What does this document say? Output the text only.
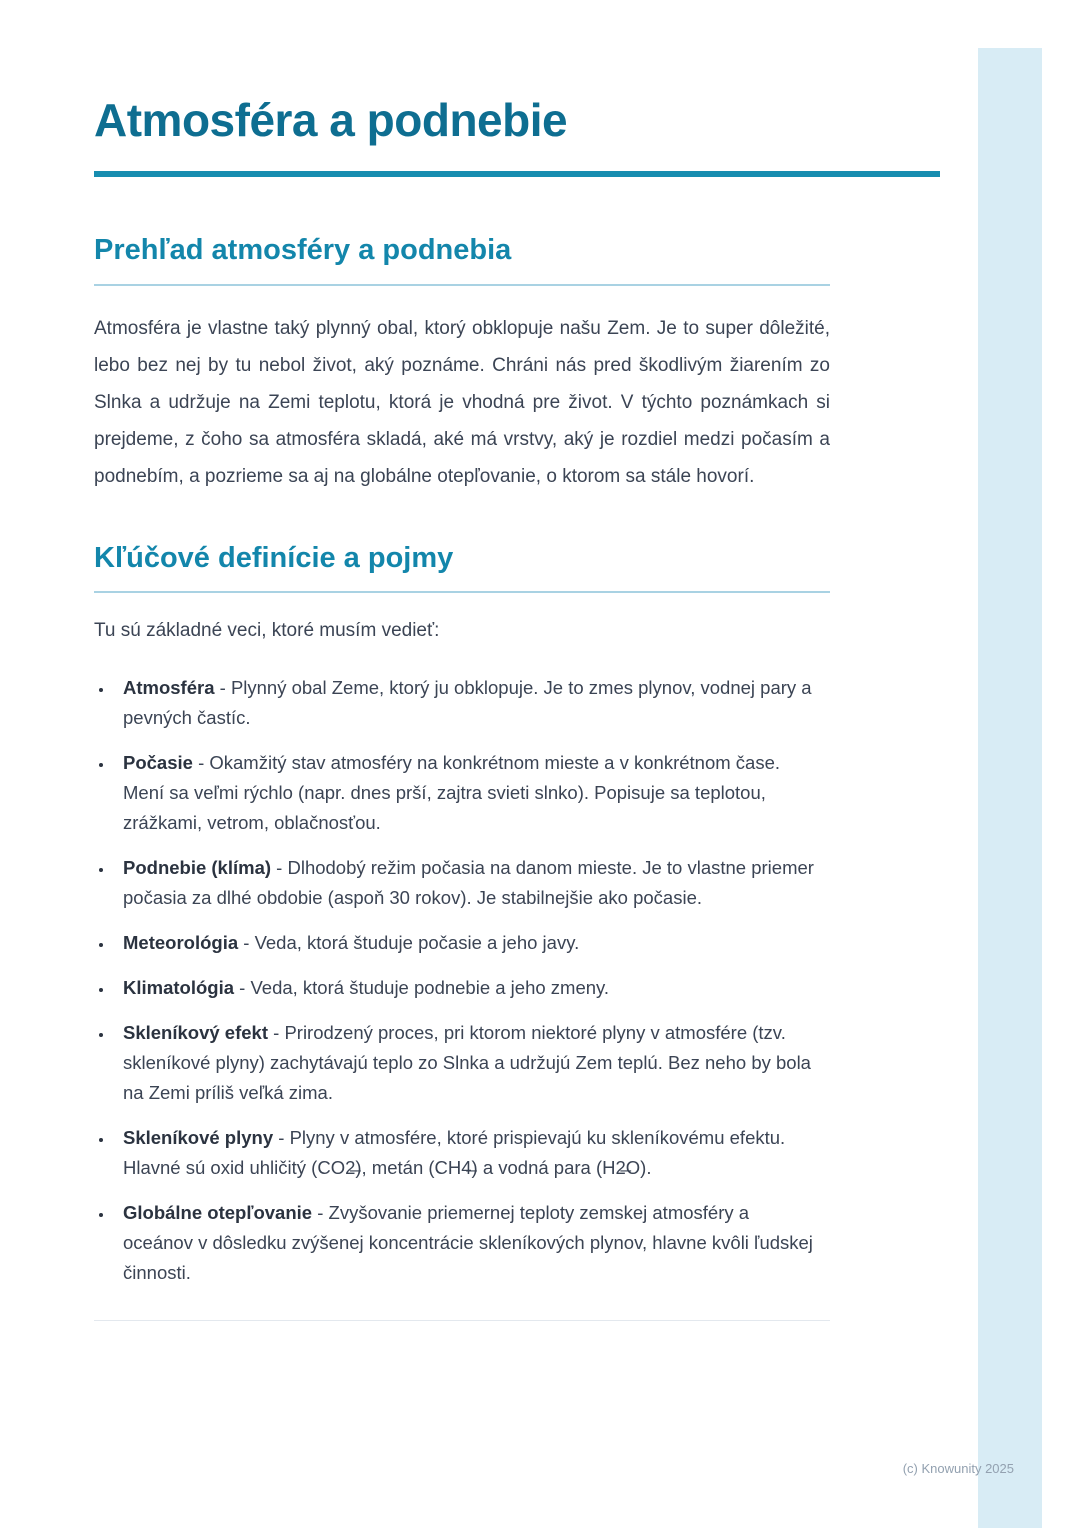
Atmosféra a podnebie
Prehľad atmosféry a podnebia

Atmosféra je vlastne taký plynný obal, ktorý obklopuje našu Zem. Je to super dôležité, lebo bez nej by tu nebol život, aký poznáme. Chráni nás pred škodlivým žiarením zo Slnka a udržuje na Zemi teplotu, ktorá je vhodná pre život. V týchto poznámkach si prejdeme, z čoho sa atmosféra skladá, aké má vrstvy, aký je rozdiel medzi počasím a podnebím, a pozrieme sa aj na globálne otepľovanie, o ktorom sa stále hovorí.

Kľúčové definície a pojmy

Tu sú základné veci, ktoré musím vedieť:

• Atmosféra - Plynný obal Zeme, ktorý ju obklopuje. Je to zmes plynov, vodnej pary a pevných častíc.
• Počasie - Okamžitý stav atmosféry na konkrétnom mieste a v konkrétnom čase. Mení sa veľmi rýchlo (napr. dnes prší, zajtra svieti slnko). Popisuje sa teplotou, zrážkami, vetrom, oblačnosťou.
• Podnebie (klíma) - Dlhodobý režim počasia na danom mieste. Je to vlastne priemer počasia za dlhé obdobie (aspoň 30 rokov). Je stabilnejšie ako počasie.
• Meteorológia - Veda, ktorá študuje počasie a jeho javy.
• Klimatológia - Veda, ktorá študuje podnebie a jeho zmeny.
• Skleníkový efekt - Prirodzený proces, pri ktorom niektoré plyny v atmosfére (tzv. skleníkové plyny) zachytávajú teplo zo Slnka a udržujú Zem teplú. Bez neho by bola na Zemi príliš veľká zima.
• Skleníkové plyny - Plyny v atmosfére, ktoré prispievajú ku skleníkovému efektu. Hlavné sú oxid uhličitý (CO2̶), metán (CH4̶) a vodná para (H2̶O).
• Globálne otepľovanie - Zvyšovanie priemernej teploty zemskej atmosféry a oceánov v dôsledku zvýšenej koncentrácie skleníkových plynov, hlavne kvôli ľudskej činnosti.
(c) Knowunity 2025
